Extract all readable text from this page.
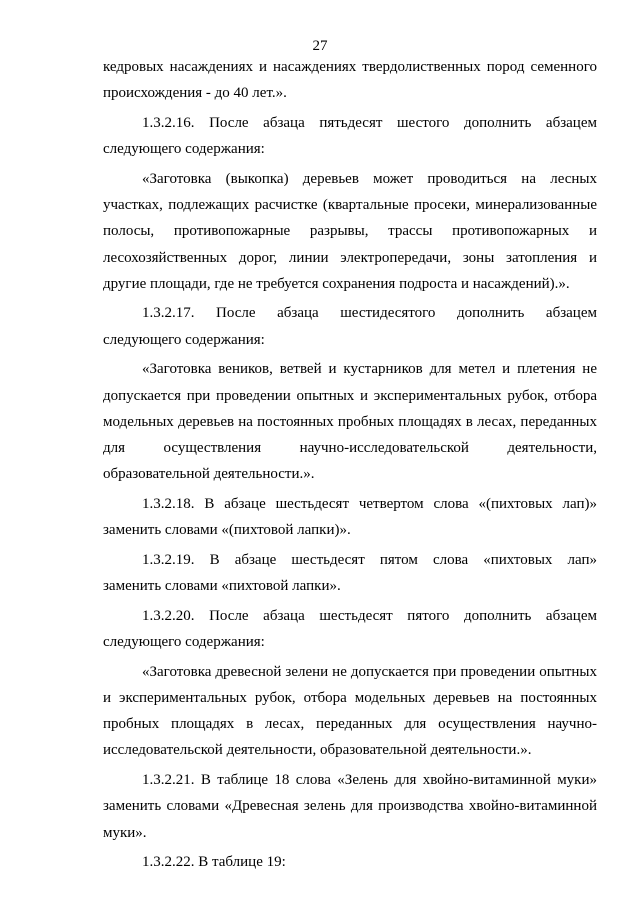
27
кедровых насаждениях и насаждениях твердолиственных пород семенного
происхождения - до 40 лет.».
1.3.2.16. После абзаца пятьдесят шестого дополнить абзацем
следующего содержания:
«Заготовка (выкопка) деревьев может проводиться на лесных
участках, подлежащих расчистке (квартальные просеки, минерализованные
полосы, противопожарные разрывы, трассы противопожарных и
лесохозяйственных дорог, линии электропередачи, зоны затопления и
другие площади, где не требуется сохранения подроста и насаждений).».
1.3.2.17. После абзаца шестидесятого дополнить абзацем
следующего содержания:
«Заготовка веников, ветвей и кустарников для метел и плетения не
допускается при проведении опытных и экспериментальных рубок, отбора
модельных деревьев на постоянных пробных площадях в лесах, переданных
для осуществления научно-исследовательской деятельности,
образовательной деятельности.».
1.3.2.18. В абзаце шестьдесят четвертом слова «(пихтовых лап)»
заменить словами «(пихтовой лапки)».
1.3.2.19. В абзаце шестьдесят пятом слова «пихтовых лап»
заменить словами «пихтовой лапки».
1.3.2.20. После абзаца шестьдесят пятого дополнить абзацем
следующего содержания:
«Заготовка древесной зелени не допускается при проведении опытных
и экспериментальных рубок, отбора модельных деревьев на постоянных
пробных площадях в лесах, переданных для осуществления научно-
исследовательской деятельности, образовательной деятельности.».
1.3.2.21. В таблице 18 слова «Зелень для хвойно-витаминной муки»
заменить словами «Древесная зелень для производства хвойно-витаминной
муки».
1.3.2.22. В таблице 19:
